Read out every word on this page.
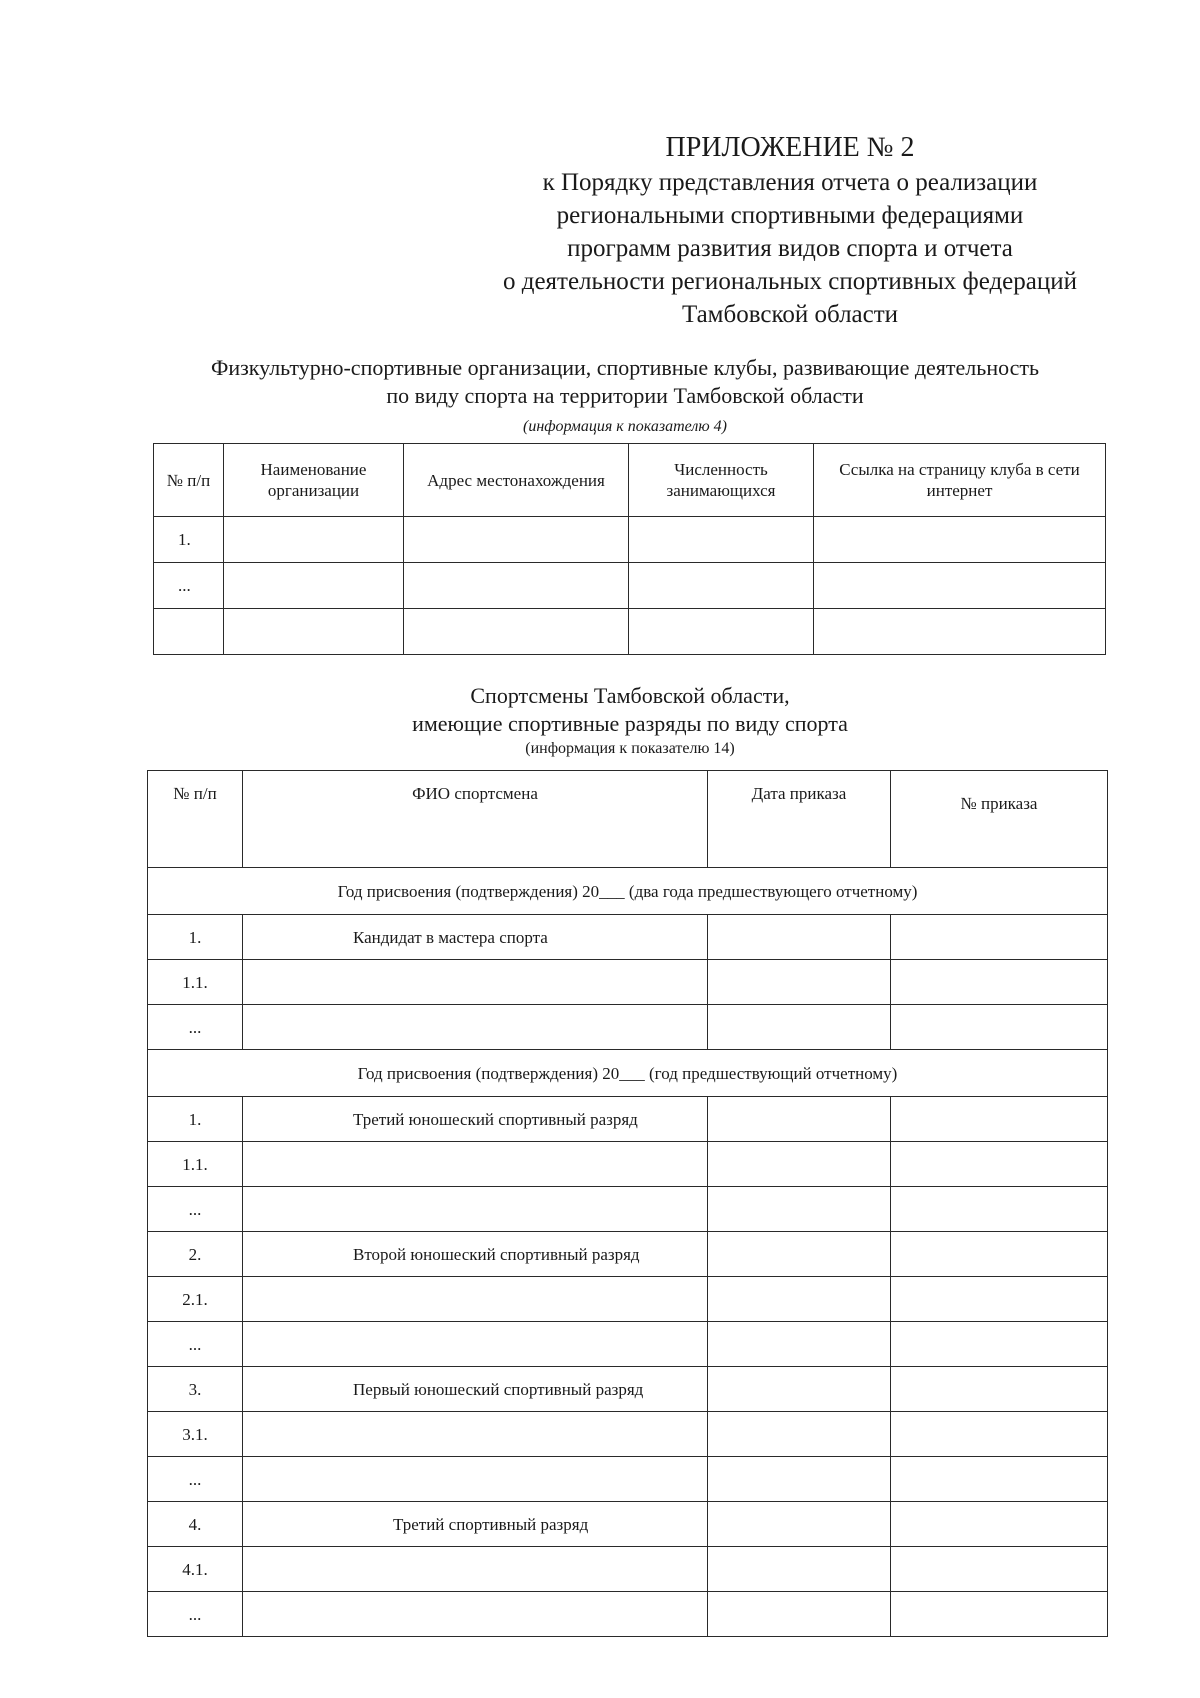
ПРИЛОЖЕНИЕ № 2
к Порядку представления отчета о реализации
региональными спортивными федерациями
программ развития видов спорта и отчета
о деятельности региональных спортивных федераций
Тамбовской области
Физкультурно-спортивные организации, спортивные клубы, развивающие деятельность
по виду спорта на территории Тамбовской области
(информация к показателю 4)
№ п/п	Наименование организации	Адрес местонахождения	Численность занимающихся	Ссылка на страницу клуба в сети интернет
1.				
...				

Спортсмены Тамбовской области,
имеющие спортивные разряды по виду спорта
(информация к показателю 14)
№ п/п	ФИО спортсмена	Дата приказа	№ приказа
Год присвоения (подтверждения) 20___ (два года предшествующего отчетному)			
1.	Кандидат в мастера спорта		
1.1.			
...			
Год присвоения (подтверждения) 20___ (год предшествующий отчетному)			
1.	Третий юношеский спортивный разряд		
1.1.			
...			
2.	Второй юношеский спортивный разряд		
2.1.			
...			
3.	Первый юношеский спортивный разряд		
3.1.			
...			
4.	Третий спортивный разряд		
4.1.			
...			
